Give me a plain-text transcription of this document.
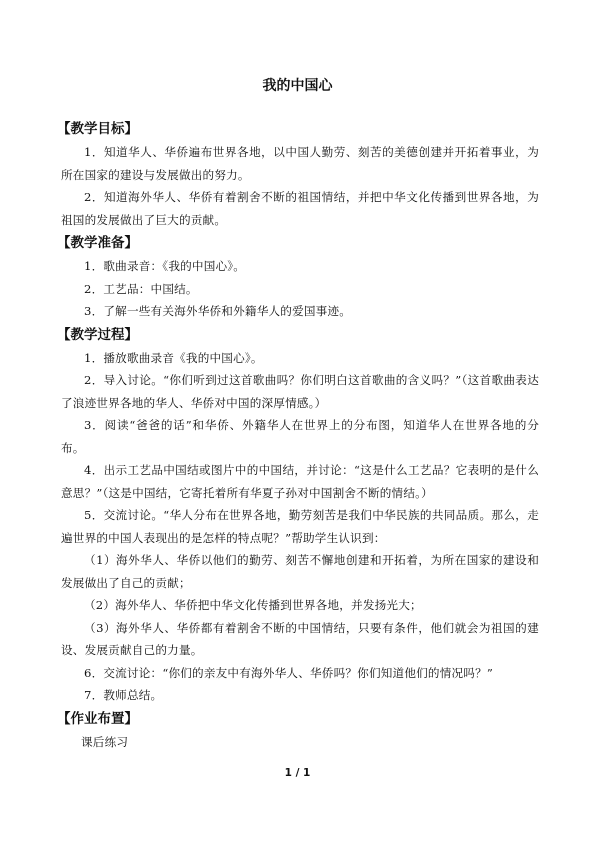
我的中国心
【教学目标】

1．知道华人、华侨遍布世界各地，以中国人勤劳、刻苦的美德创建并开拓着事业，为所在国家的建设与发展做出的努力。

2．知道海外华人、华侨有着割舍不断的祖国情结，并把中华文化传播到世界各地，为祖国的发展做出了巨大的贡献。

【教学准备】

1．歌曲录音：《我的中国心》。

2．工艺品：中国结。

3．了解一些有关海外华侨和外籍华人的爱国事迹。

【教学过程】

1．播放歌曲录音《我的中国心》。

2．导入讨论。“你们听到过这首歌曲吗？你们明白这首歌曲的含义吗？”（这首歌曲表达了浪迹世界各地的华人、华侨对中国的深厚情感。）

3．阅读“爸爸的话”和华侨、外籍华人在世界上的分布图，知道华人在世界各地的分布。

4．出示工艺品中国结或图片中的中国结，并讨论：“这是什么工艺品？它表明的是什么意思？”（这是中国结，它寄托着所有华夏子孙对中国割舍不断的情结。）

5．交流讨论。“华人分布在世界各地，勤劳刻苦是我们中华民族的共同品质。那么，走遍世界的中国人表现出的是怎样的特点呢？”帮助学生认识到：

（1）海外华人、华侨以他们的勤劳、刻苦不懈地创建和开拓着，为所在国家的建设和发展做出了自己的贡献；

（2）海外华人、华侨把中华文化传播到世界各地，并发扬光大；

（3）海外华人、华侨都有着割舍不断的中国情结，只要有条件，他们就会为祖国的建设、发展贡献自己的力量。

6．交流讨论：“你们的亲友中有海外华人、华侨吗？你们知道他们的情况吗？”

7．教师总结。

【作业布置】

课后练习

1 / 1
